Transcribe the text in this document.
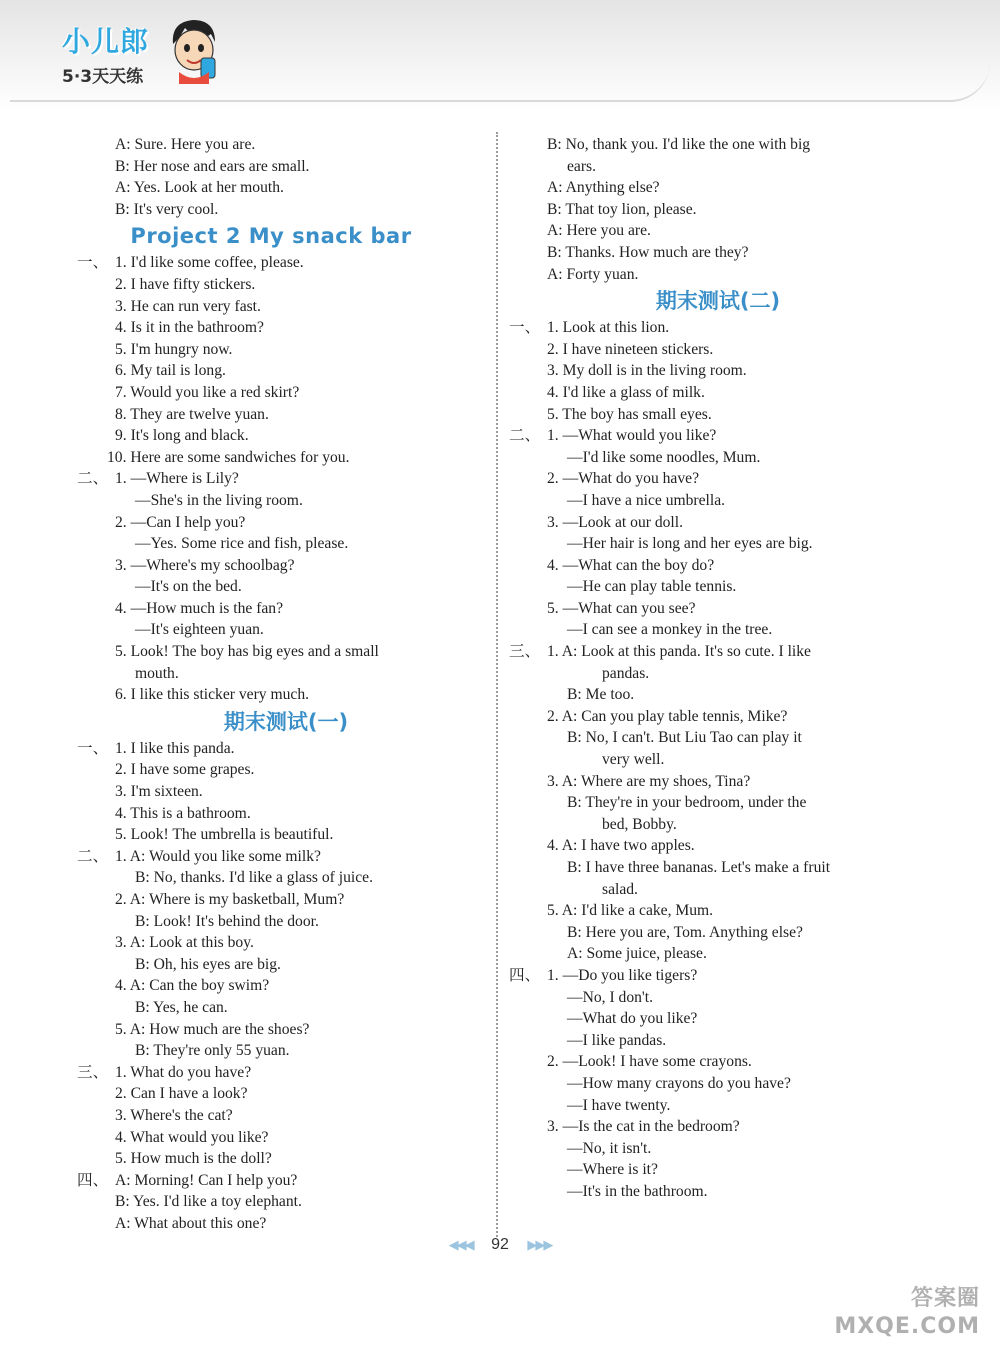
小儿郎
5·3天天练
A: Sure. Here you are.
B: Her nose and ears are small.
A: Yes. Look at her mouth.
B: It's very cool.
Project 2 My snack bar
一、 1. I'd like some coffee, please.
2. I have fifty stickers.
3. He can run very fast.
4. Is it in the bathroom?
5. I'm hungry now.
6. My tail is long.
7. Would you like a red skirt?
8. They are twelve yuan.
9. It's long and black.
10. Here are some sandwiches for you.
二、 1. —Where is Lily?
—She's in the living room.
2. —Can I help you?
—Yes. Some rice and fish, please.
3. —Where's my schoolbag?
—It's on the bed.
4. —How much is the fan?
—It's eighteen yuan.
5. Look! The boy has big eyes and a small
mouth.
6. I like this sticker very much.
期末测试(一)
一、 1. I like this panda.
2. I have some grapes.
3. I'm sixteen.
4. This is a bathroom.
5. Look! The umbrella is beautiful.
二、 1. A: Would you like some milk?
B: No, thanks. I'd like a glass of juice.
2. A: Where is my basketball, Mum?
B: Look! It's behind the door.
3. A: Look at this boy.
B: Oh, his eyes are big.
4. A: Can the boy swim?
B: Yes, he can.
5. A: How much are the shoes?
B: They're only 55 yuan.
三、 1. What do you have?
2. Can I have a look?
3. Where's the cat?
4. What would you like?
5. How much is the doll?
四、 A: Morning! Can I help you?
B: Yes. I'd like a toy elephant.
A: What about this one?
B: No, thank you. I'd like the one with big
ears.
A: Anything else?
B: That toy lion, please.
A: Here you are.
B: Thanks. How much are they?
A: Forty yuan.
期末测试(二)
一、 1. Look at this lion.
2. I have nineteen stickers.
3. My doll is in the living room.
4. I'd like a glass of milk.
5. The boy has small eyes.
二、 1. —What would you like?
—I'd like some noodles, Mum.
2. —What do you have?
—I have a nice umbrella.
3. —Look at our doll.
—Her hair is long and her eyes are big.
4. —What can the boy do?
—He can play table tennis.
5. —What can you see?
—I can see a monkey in the tree.
三、 1. A: Look at this panda. It's so cute. I like
pandas.
B: Me too.
2. A: Can you play table tennis, Mike?
B: No, I can't. But Liu Tao can play it
very well.
3. A: Where are my shoes, Tina?
B: They're in your bedroom, under the
bed, Bobby.
4. A: I have two apples.
B: I have three bananas. Let's make a fruit
salad.
5. A: I'd like a cake, Mum.
B: Here you are, Tom. Anything else?
A: Some juice, please.
四、 1. —Do you like tigers?
—No, I don't.
—What do you like?
—I like pandas.
2. —Look! I have some crayons.
—How many crayons do you have?
—I have twenty.
3. —Is the cat in the bedroom?
—No, it isn't.
—Where is it?
—It's in the bathroom.
◀◀◀ 92 ▶▶▶
答案圈
MXQE.COM
